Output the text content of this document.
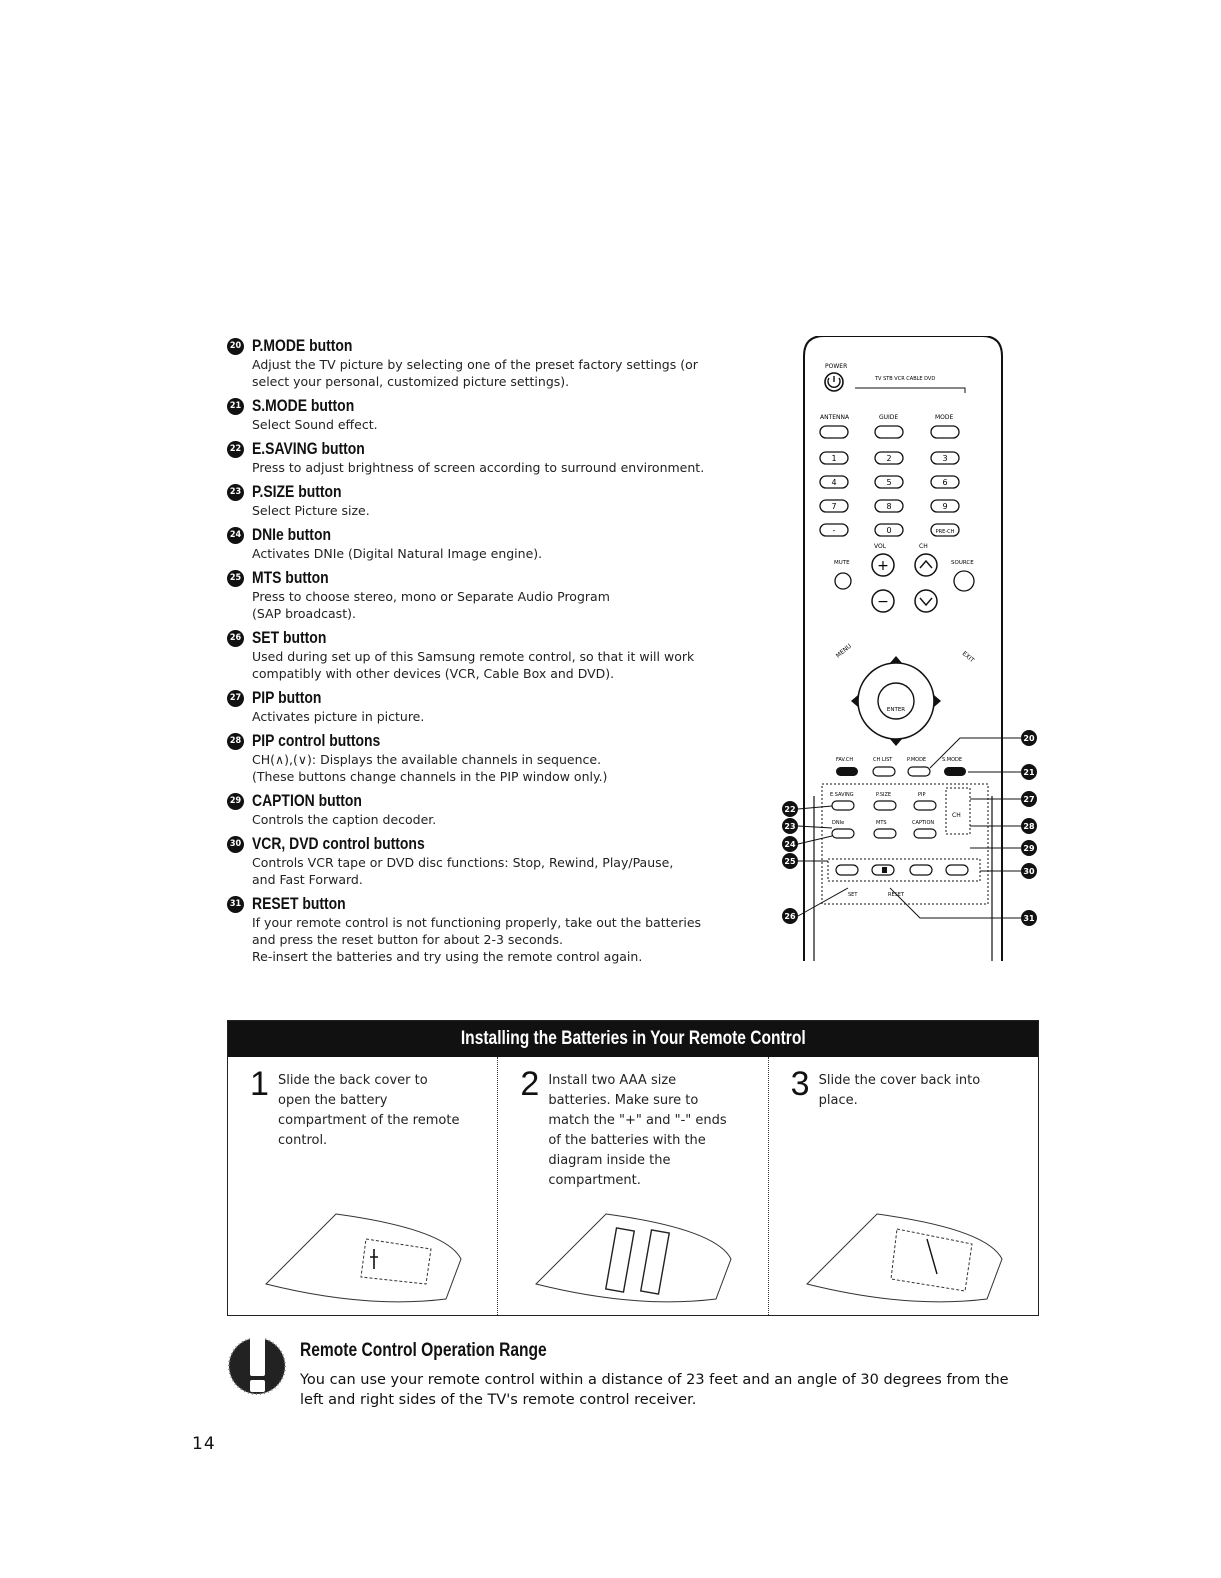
20 P.MODE button
Adjust the TV picture by selecting one of the preset factory settings (or
select your personal, customized picture settings).
21 S.MODE button
Select Sound effect.
22 E.SAVING button
Press to adjust brightness of screen according to surround environment.
23 P.SIZE button
Select Picture size.
24 DNIe button
Activates DNIe (Digital Natural Image engine).
25 MTS button
Press to choose stereo, mono or Separate Audio Program
(SAP broadcast).
26 SET button
Used during set up of this Samsung remote control, so that it will work
compatibly with other devices (VCR, Cable Box and DVD).
27 PIP button
Activates picture in picture.
28 PIP control buttons
CH(∧),(∨): Displays the available channels in sequence.
(These buttons change channels in the PIP window only.)
29 CAPTION button
Controls the caption decoder.
30 VCR, DVD control buttons
Controls VCR tape or DVD disc functions: Stop, Rewind, Play/Pause,
and Fast Forward.
31 RESET button
If your remote control is not functioning properly, take out the batteries
and press the reset button for about 2-3 seconds.
Re-insert the batteries and try using the remote control again.
POWER
TV STB VCR CABLE DVD
ANTENNA	GUIDE	MODE
1	2	3
4	5	6
7	8	9
-	0	PRE-CH
VOL	CH
MUTE	SOURCE
+
−
MENU	EXIT
ENTER
FAV.CH	CH LIST	P.MODE	S.MODE
E.SAVING	P.SIZE	PIP
CH
DNIe	MTS	CAPTION
SET	RESET
20
21
22
23
24
25
26
27
28
29
30
31
Installing the Batteries in Your Remote Control
1 Slide the back cover to
open the battery
compartment of the remote
control.
2 Install two AAA size
batteries. Make sure to
match the "+" and "-" ends
of the batteries with the
diagram inside the
compartment.
3 Slide the cover back into
place.
Remote Control Operation Range
You can use your remote control within a distance of 23 feet and an angle of 30 degrees from the left and right sides of the TV's remote control receiver.
14
